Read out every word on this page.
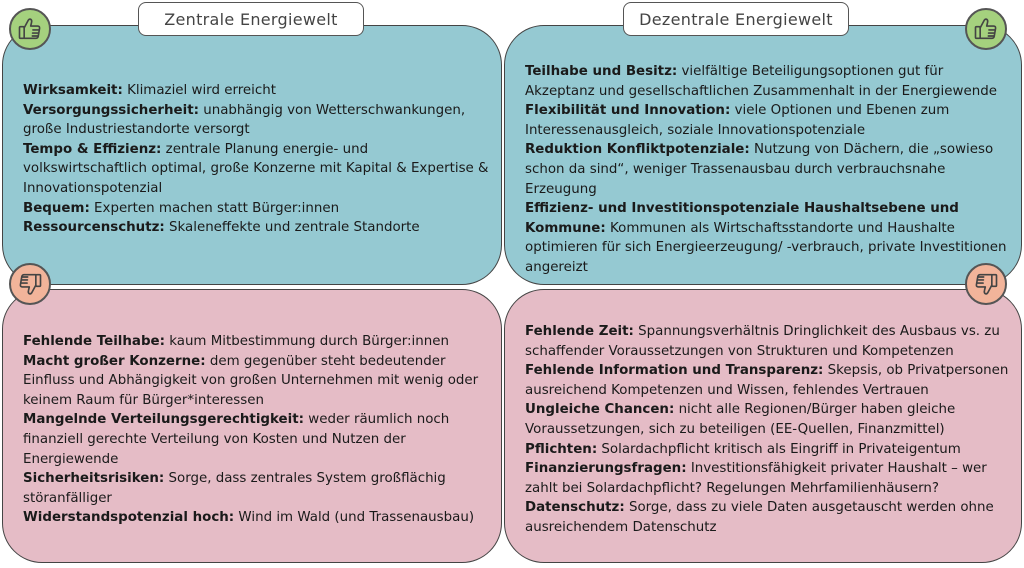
Wirksamkeit: Klimaziel wird erreicht

Versorgungssicherheit: unabhängig von Wetterschwankungen, große Industriestandorte versorgt

Tempo & Effizienz: zentrale Planung energie- und volkswirtschaftlich optimal, große Konzerne mit Kapital & Expertise & Innovationspotenzial

Bequem: Experten machen statt Bürger:innen

Ressourcenschutz: Skaleneffekte und zentrale Standorte

Teilhabe und Besitz: vielfältige Beteiligungsoptionen gut für Akzeptanz und gesellschaftlichen Zusammenhalt in der Energiewende

Flexibilität und Innovation: viele Optionen und Ebenen zum Interessenausgleich, soziale Innovationspotenziale

Reduktion Konfliktpotenziale: Nutzung von Dächern, die „sowieso schon da sind“, weniger Trassenausbau durch verbrauchsnahe Erzeugung

Effizienz- und Investitionspotenziale Haushaltsebene und Kommune: Kommunen als Wirtschaftsstandorte und Haushalte optimieren für sich Energieerzeugung/ -verbrauch, private Investitionen angereizt

Fehlende Teilhabe: kaum Mitbestimmung durch Bürger:innen

Macht großer Konzerne: dem gegenüber steht bedeutender Einfluss und Abhängigkeit von großen Unternehmen mit wenig oder keinem Raum für Bürger*interessen

Mangelnde Verteilungsgerechtigkeit: weder räumlich noch finanziell gerechte Verteilung von Kosten und Nutzen der Energiewende

Sicherheitsrisiken: Sorge, dass zentrales System großflächig störanfälliger

Widerstandspotenzial hoch: Wind im Wald (und Trassenausbau)

Fehlende Zeit: Spannungsverhältnis Dringlichkeit des Ausbaus vs. zu schaffender Voraussetzungen von Strukturen und Kompetenzen

Fehlende Information und Transparenz: Skepsis, ob Privatpersonen ausreichend Kompetenzen und Wissen, fehlendes Vertrauen

Ungleiche Chancen: nicht alle Regionen/Bürger haben gleiche Voraussetzungen, sich zu beteiligen (EE-Quellen, Finanzmittel)

Pflichten: Solardachpflicht kritisch als Eingriff in Privateigentum

Finanzierungsfragen: Investitionsfähigkeit privater Haushalt – wer zahlt bei Solardachpflicht? Regelungen Mehrfamilienhäusern?

Datenschutz: Sorge, dass zu viele Daten ausgetauscht werden ohne ausreichendem Datenschutz

Zentrale Energiewelt	Dezentrale Energiewelt
